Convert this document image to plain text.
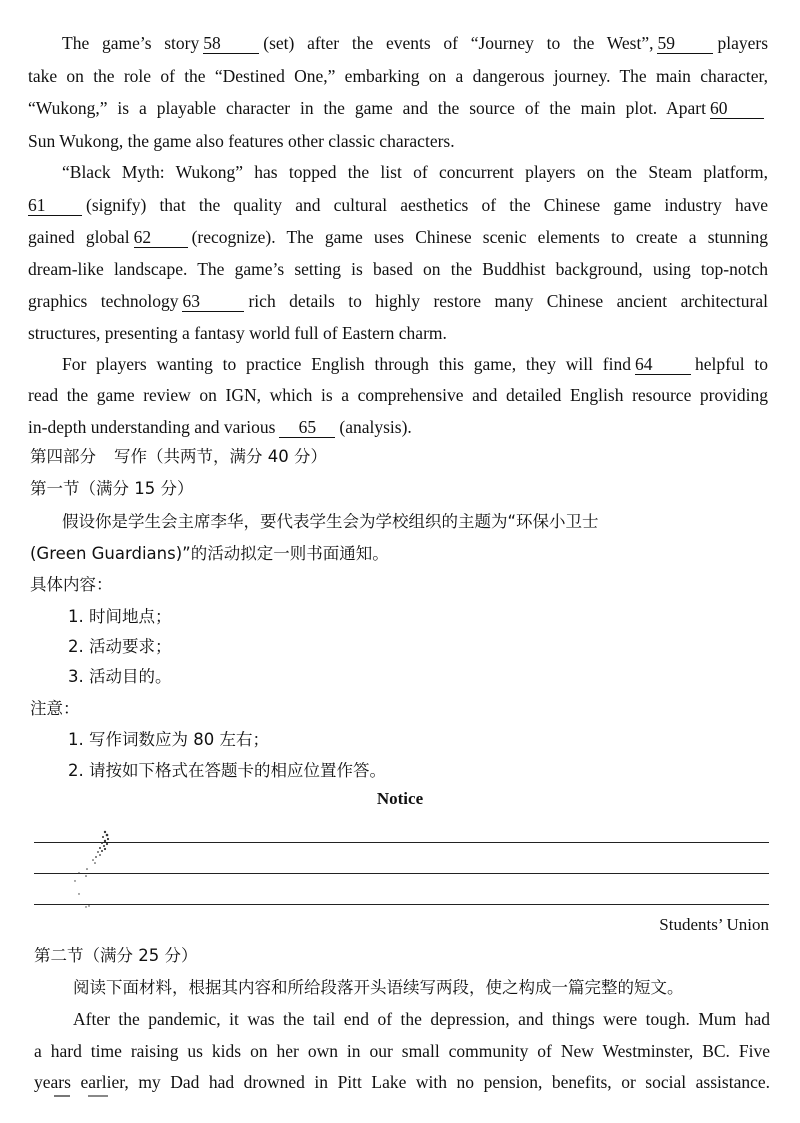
The game’s story 58 (set) after the events of “Journey to the West”, 59 players
take on the role of the “Destined One,” embarking on a dangerous journey. The main character,
“Wukong,” is a playable character in the game and the source of the main plot. Apart 60
Sun Wukong, the game also features other classic characters.
“Black Myth: Wukong” has topped the list of concurrent players on the Steam platform,
61 (signify) that the quality and cultural aesthetics of the Chinese game industry have
gained global 62 (recognize). The game uses Chinese scenic elements to create a stunning
dream-like landscape. The game’s setting is based on the Buddhist background, using top-notch
graphics technology 63	rich details to highly restore many Chinese ancient architectural
structures, presenting a fantasy world full of Eastern charm.
For players wanting to practice English through this game, they will find 64 helpful to
read the game review on IGN, which is a comprehensive and detailed English resource providing
in-depth understanding and various 65 (analysis).
第四部分 写作（共两节，满分 40 分）
第一节（满分 15 分）
假设你是学生会主席李华，要代表学生会为学校组织的主题为“环保小卫士
(Green Guardians)”的活动拟定一则书面通知。
具体内容：
1. 时间地点；
2. 活动要求；
3. 活动目的。
注意：
1. 写作词数应为 80 左右；
2. 请按如下格式在答题卡的相应位置作答。
Notice
Students’ Union
第二节（满分 25 分）
阅读下面材料，根据其内容和所给段落开头语续写两段，使之构成一篇完整的短文。
After the pandemic, it was the tail end of the depression, and things were tough. Mum had
a hard time raising us kids on her own in our small community of New Westminster, BC. Five
years earlier, my Dad had drowned in Pitt Lake with no pension, benefits, or social assistance.
